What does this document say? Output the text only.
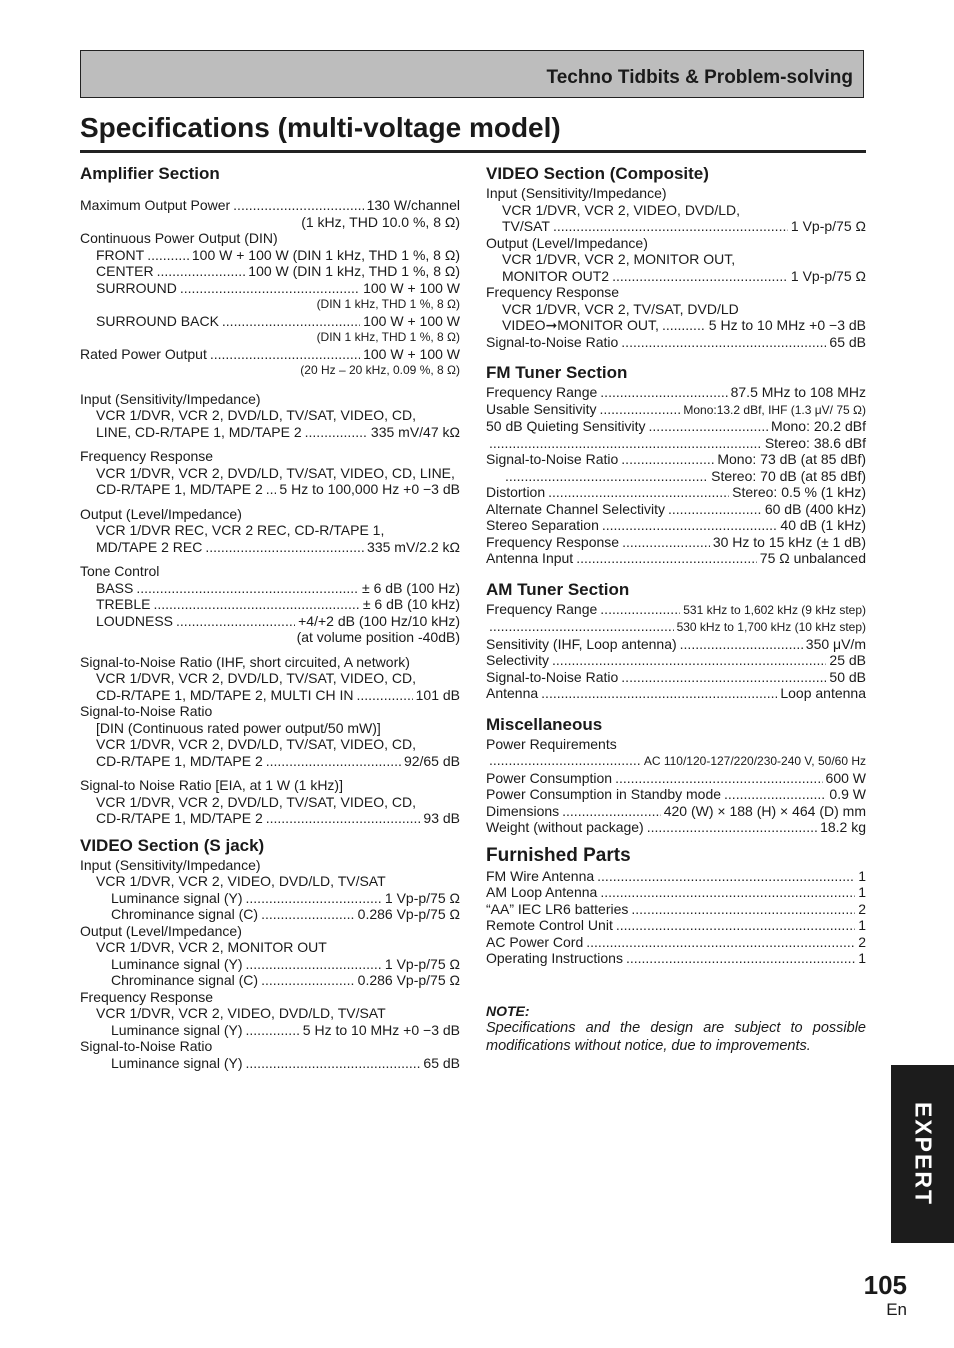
Techno Tidbits & Problem-solving
Specifications (multi-voltage model)
Amplifier Section
Maximum Output Power .....	130 W/channel
(1 kHz, THD 10.0 %, 8 Ω)
Continuous Power Output (DIN)
FRONT .....	100 W + 100 W (DIN 1 kHz, THD 1 %, 8 Ω)
CENTER .....	100 W (DIN 1 kHz, THD 1 %, 8 Ω)
SURROUND .....	100 W + 100 W
(DIN 1 kHz, THD 1 %, 8 Ω)
SURROUND BACK .....	100 W + 100 W
(DIN 1 kHz, THD 1 %, 8 Ω)
Rated Power Output .....	100 W + 100 W
(20 Hz – 20 kHz, 0.09 %, 8 Ω)
Input (Sensitivity/Impedance)
VCR 1/DVR, VCR 2, DVD/LD, TV/SAT, VIDEO, CD,
LINE, CD-R/TAPE 1, MD/TAPE 2 .....	335 mV/47 kΩ
Frequency Response
VCR 1/DVR, VCR 2, DVD/LD, TV/SAT, VIDEO, CD, LINE,
CD-R/TAPE 1, MD/TAPE 2 ..... 5 Hz to 100,000 Hz +0 −3 dB
Output (Level/Impedance)
VCR 1/DVR REC, VCR 2 REC, CD-R/TAPE 1,
MD/TAPE 2 REC .....	335 mV/2.2 kΩ
Tone Control
BASS .....	± 6 dB (100 Hz)
TREBLE .....	± 6 dB (10 kHz)
LOUDNESS .....	+4/+2 dB (100 Hz/10 kHz)
(at volume position -40dB)
Signal-to-Noise Ratio (IHF, short circuited, A network)
VCR 1/DVR, VCR 2, DVD/LD, TV/SAT, VIDEO, CD,
CD-R/TAPE 1, MD/TAPE 2, MULTI CH IN .....	101 dB
Signal-to-Noise Ratio
[DIN (Continuous rated power output/50 mW)]
VCR 1/DVR, VCR 2, DVD/LD, TV/SAT, VIDEO, CD,
CD-R/TAPE 1, MD/TAPE 2 .....	92/65 dB
Signal-to Noise Ratio [EIA, at 1 W (1 kHz)]
VCR 1/DVR, VCR 2, DVD/LD, TV/SAT, VIDEO, CD,
CD-R/TAPE 1, MD/TAPE 2 .....	93 dB
VIDEO Section (S jack)
Input (Sensitivity/Impedance)
VCR 1/DVR, VCR 2, VIDEO, DVD/LD, TV/SAT
Luminance signal (Y) .....	1 Vp-p/75 Ω
Chrominance signal (C) .....	0.286 Vp-p/75 Ω
Output (Level/Impedance)
VCR 1/DVR, VCR 2, MONITOR OUT
Luminance signal (Y) .....	1 Vp-p/75 Ω
Chrominance signal (C) .....	0.286 Vp-p/75 Ω
Frequency Response
VCR 1/DVR, VCR 2, VIDEO, DVD/LD, TV/SAT
Luminance signal (Y) .....	5 Hz to 10 MHz +0 −3 dB
Signal-to-Noise Ratio
Luminance signal (Y) .....	65 dB
VIDEO Section (Composite)
Input (Sensitivity/Impedance)
VCR 1/DVR, VCR 2, VIDEO, DVD/LD,
TV/SAT .....	1 Vp-p/75 Ω
Output (Level/Impedance)
VCR 1/DVR, VCR 2, MONITOR OUT,
MONITOR OUT2 .....	1 Vp-p/75 Ω
Frequency Response
VCR 1/DVR, VCR 2, TV/SAT, DVD/LD
VIDEO➞MONITOR OUT, .....	5 Hz to 10 MHz +0 −3 dB
Signal-to-Noise Ratio .....	65 dB
FM Tuner Section
Frequency Range .....	87.5 MHz to 108 MHz
Usable Sensitivity .....	Mono:13.2 dBf, IHF (1.3 μV/ 75 Ω)
50 dB Quieting Sensitivity .....	Mono: 20.2 dBf
.....
Stereo: 38.6 dBf
Signal-to-Noise Ratio .....	Mono: 73 dB (at 85 dBf)
.....
Stereo: 70 dB (at 85 dBf)
Distortion .....	Stereo: 0.5 % (1 kHz)
Alternate Channel Selectivity .....	60 dB (400 kHz)
Stereo Separation .....	40 dB (1 kHz)
Frequency Response .....	30 Hz to 15 kHz (± 1 dB)
Antenna Input .....	75 Ω unbalanced
AM Tuner Section
Frequency Range .....	531 kHz to 1,602 kHz (9 kHz step)
.....
530 kHz to 1,700 kHz (10 kHz step)
Sensitivity (IHF, Loop antenna) .....	350 μV/m
Selectivity .....	25 dB
Signal-to-Noise Ratio .....	50 dB
Antenna .....	Loop antenna
Miscellaneous
Power Requirements
.....
AC 110/120-127/220/230-240 V, 50/60 Hz
Power Consumption .....	600 W
Power Consumption in Standby mode .....	0.9 W
Dimensions .....	420 (W) × 188 (H) × 464 (D) mm
Weight (without package) .....	18.2 kg
Furnished Parts
FM Wire Antenna .....	1
AM Loop Antenna .....	1
“AA” IEC LR6 batteries .....	2
Remote Control Unit .....	1
AC Power Cord .....	2
Operating Instructions .....	1
NOTE:
Specifications and the design are subject to possible modifications without notice, due to improvements.
EXPERT
105
En
